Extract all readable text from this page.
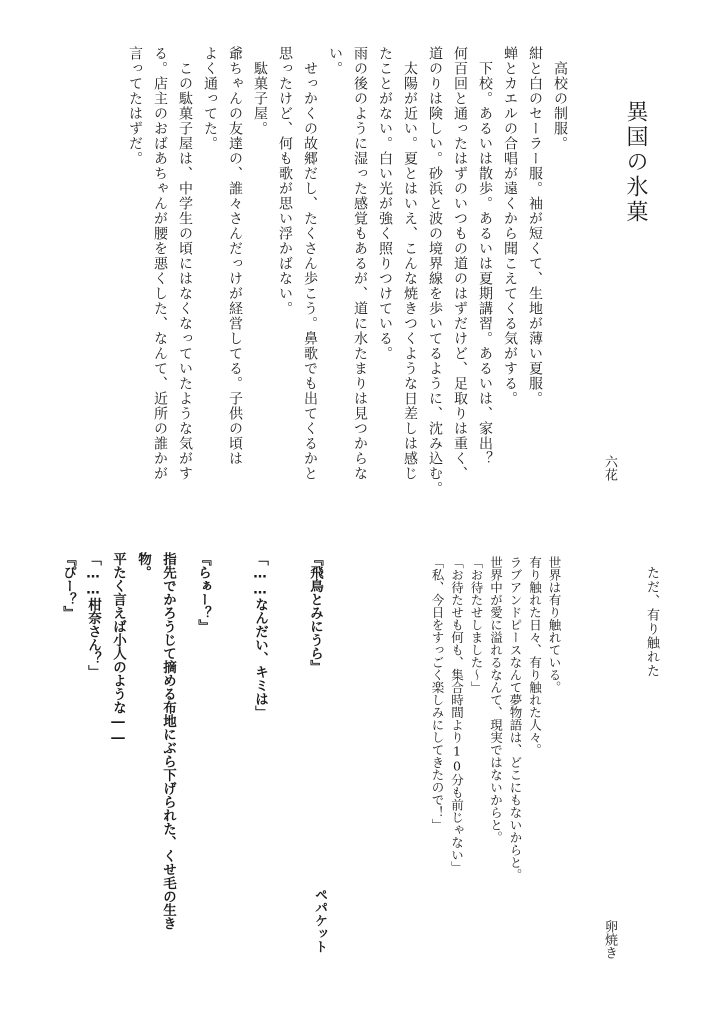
異国の氷菓
六花
　高校の制服。
紺と白のセーラー服。袖が短くて、生地が薄い夏服。
蝉とカエルの合唱が遠くから聞こえてくる気がする。
　下校。あるいは散歩。あるいは夏期講習。あるいは、家出？
何百回と通ったはずのいつもの道のはずだけど、足取りは重く、
道のりは険しい。砂浜と波の境界線を歩いてるように、沈み込む。
　太陽が近い。夏とはいえ、こんな焼きつくような日差しは感じ
たことがない。白い光が強く照りつけている。
雨の後のように湿った感覚もあるが、道に水たまりは見つからな
い。
　せっかくの故郷だし、たくさん歩こう。鼻歌でも出てくるかと
思ったけど、何も歌が思い浮かばない。
　駄菓子屋。
爺ちゃんの友達の、誰々さんだっけが経営してる。子供の頃は
よく通ってた。
　この駄菓子屋は、中学生の頃にはなくなっていたような気がす
る。店主のおばあちゃんが腰を悪くした、なんて、近所の誰かが
言ってたはずだ。
ただ、有り触れた
卵焼き
世界は有り触れている。
有り触れた日々、有り触れた人々。
ラブアンドピースなんて夢物語は、どこにもないからと。
世界中が愛に溢れるなんて、現実ではないからと。
「お待たせしました〜」
「お待たせも何も、集合時間より10分も前じゃない」
「私、今日をすっごく楽しみにしてきたので！」
ペパケット
『飛鳥とみにうら』
「……なんだい、キミは」
『らぁー？』
指先でかろうじて摘める布地にぶら下げられた、くせ毛の生き
物。
平たく言えば小人のような――
「……柑奈さん？」
『ぴー？』
